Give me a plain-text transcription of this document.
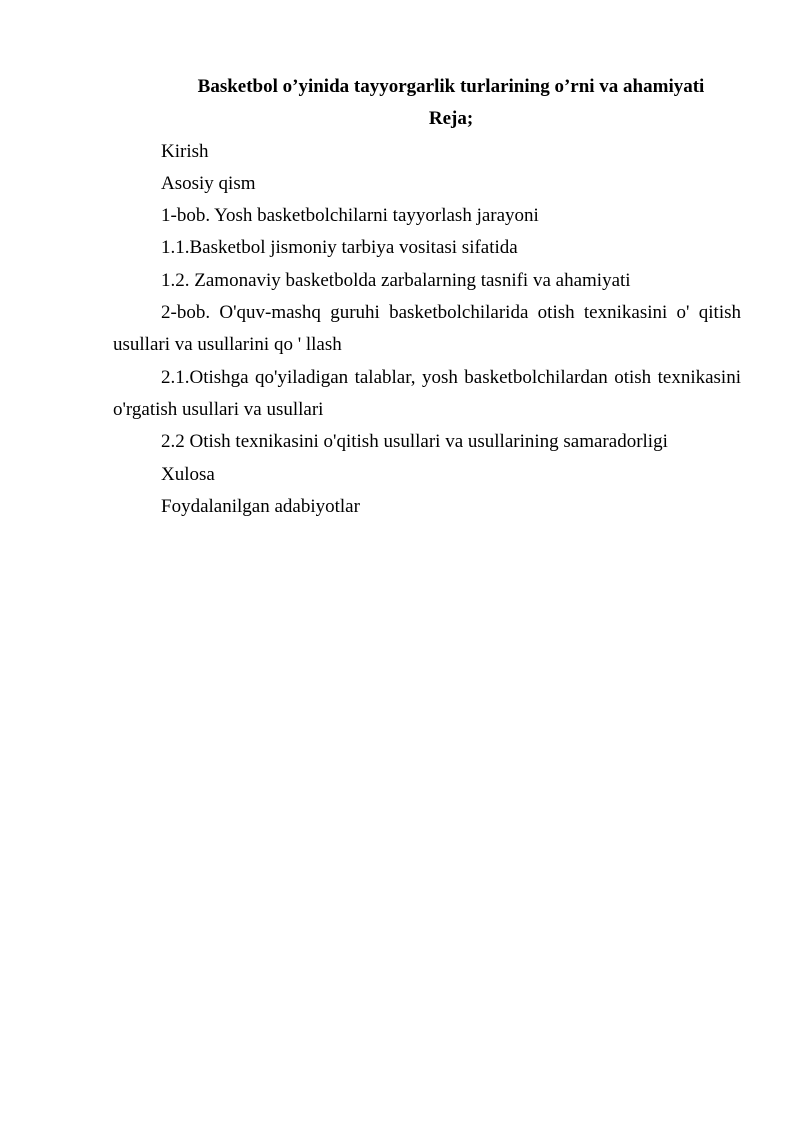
Basketbol o’yinida tayyorgarlik turlarining o’rni va ahamiyati

Reja;

Kirish

Asosiy qism

1-bob. Yosh basketbolchilarni tayyorlash jarayoni

1.1.Basketbol jismoniy tarbiya vositasi sifatida

1.2. Zamonaviy basketbolda zarbalarning tasnifi va ahamiyati

2-bob. O'quv-mashq guruhi basketbolchilarida otish texnikasini o' qitish usullari va usullarini qo ' llash

2.1.Otishga qo'yiladigan talablar, yosh basketbolchilardan otish texnikasini o'rgatish usullari va usullari

2.2 Otish texnikasini o'qitish usullari va usullarining samaradorligi

Xulosa

Foydalanilgan adabiyotlar
